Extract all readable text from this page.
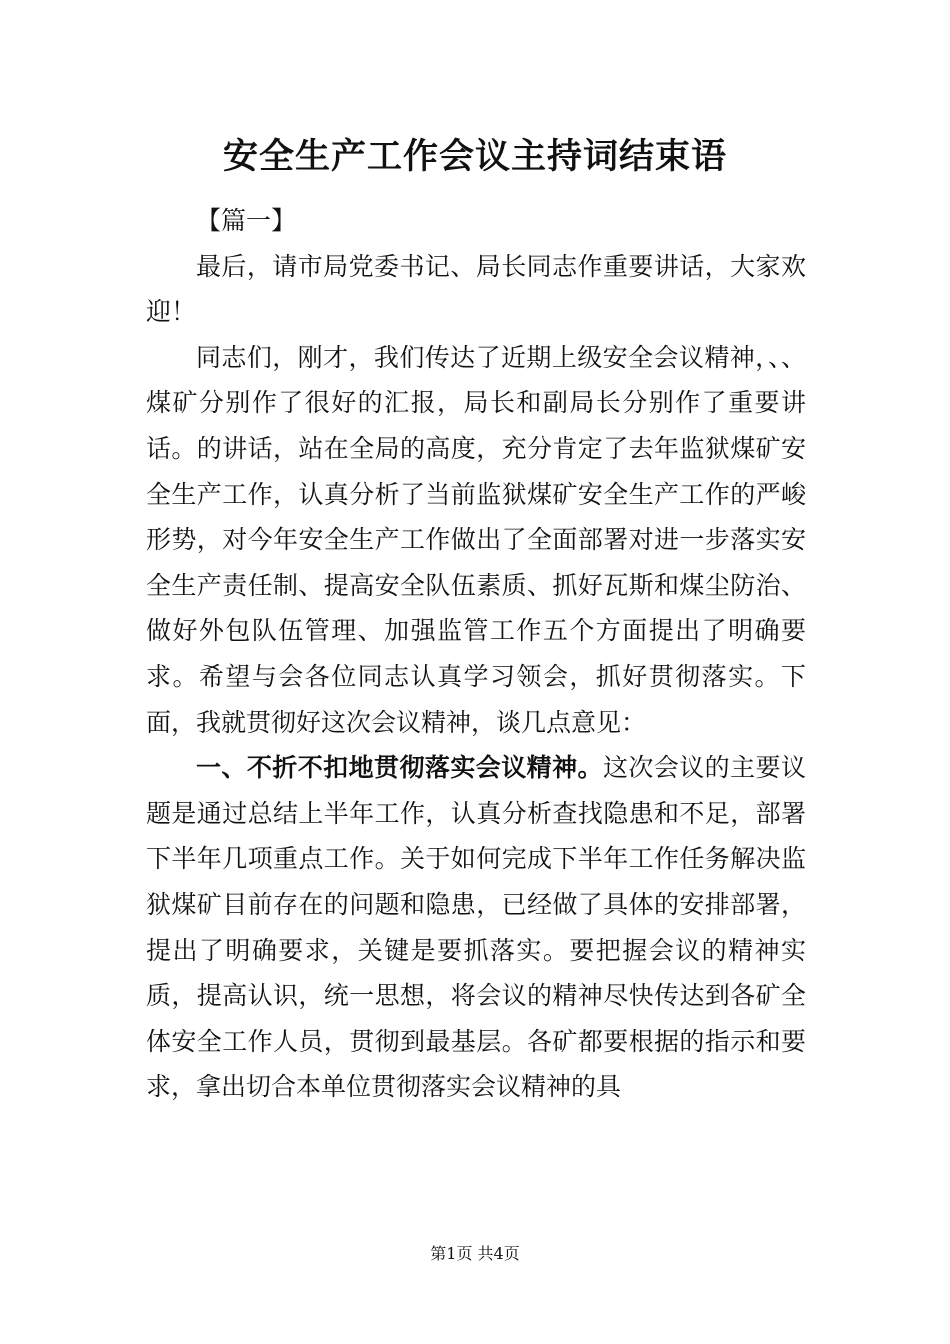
安全生产工作会议主持词结束语

【篇一】

最后，请市局党委书记、局长同志作重要讲话，大家欢迎！

同志们，刚才，我们传达了近期上级安全会议精神，、、煤矿分别作了很好的汇报，局长和副局长分别作了重要讲话。的讲话，站在全局的高度，充分肯定了去年监狱煤矿安全生产工作，认真分析了当前监狱煤矿安全生产工作的严峻形势，对今年安全生产工作做出了全面部署对进一步落实安全生产责任制、提高安全队伍素质、抓好瓦斯和煤尘防治、做好外包队伍管理、加强监管工作五个方面提出了明确要求。希望与会各位同志认真学习领会，抓好贯彻落实。下面，我就贯彻好这次会议精神，谈几点意见：

一、不折不扣地贯彻落实会议精神。这次会议的主要议题是通过总结上半年工作，认真分析查找隐患和不足，部署下半年几项重点工作。关于如何完成下半年工作任务解决监狱煤矿目前存在的问题和隐患，已经做了具体的安排部署，提出了明确要求，关键是要抓落实。要把握会议的精神实质，提高认识，统一思想，将会议的精神尽快传达到各矿全体安全工作人员，贯彻到最基层。各矿都要根据的指示和要求，拿出切合本单位贯彻落实会议精神的具

第1页 共4页
